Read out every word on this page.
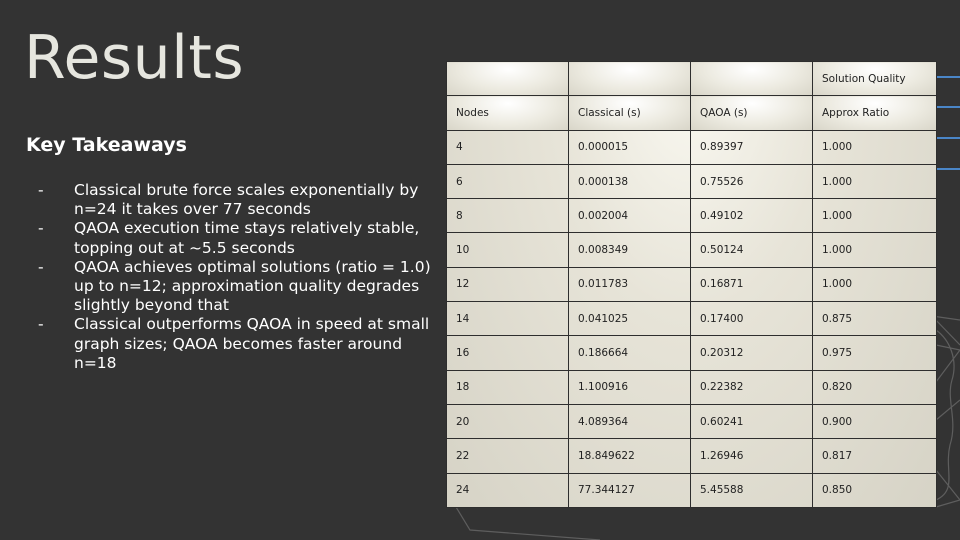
Results
Key Takeaways
- Classical brute force scales exponentially by n=24 it takes over 77 seconds
- QAOA execution time stays relatively stable, topping out at ~5.5 seconds
- QAOA achieves optimal solutions (ratio = 1.0) up to n=12; approximation quality degrades slightly beyond that
- Classical outperforms QAOA in speed at small graph sizes; QAOA becomes faster around n=18
			Solution Quality
Nodes	Classical (s)	QAOA (s)	Approx Ratio
4	0.000015	0.89397	1.000
6	0.000138	0.75526	1.000
8	0.002004	0.49102	1.000
10	0.008349	0.50124	1.000
12	0.011783	0.16871	1.000
14	0.041025	0.17400	0.875
16	0.186664	0.20312	0.975
18	1.100916	0.22382	0.820
20	4.089364	0.60241	0.900
22	18.849622	1.26946	0.817
24	77.344127	5.45588	0.850
